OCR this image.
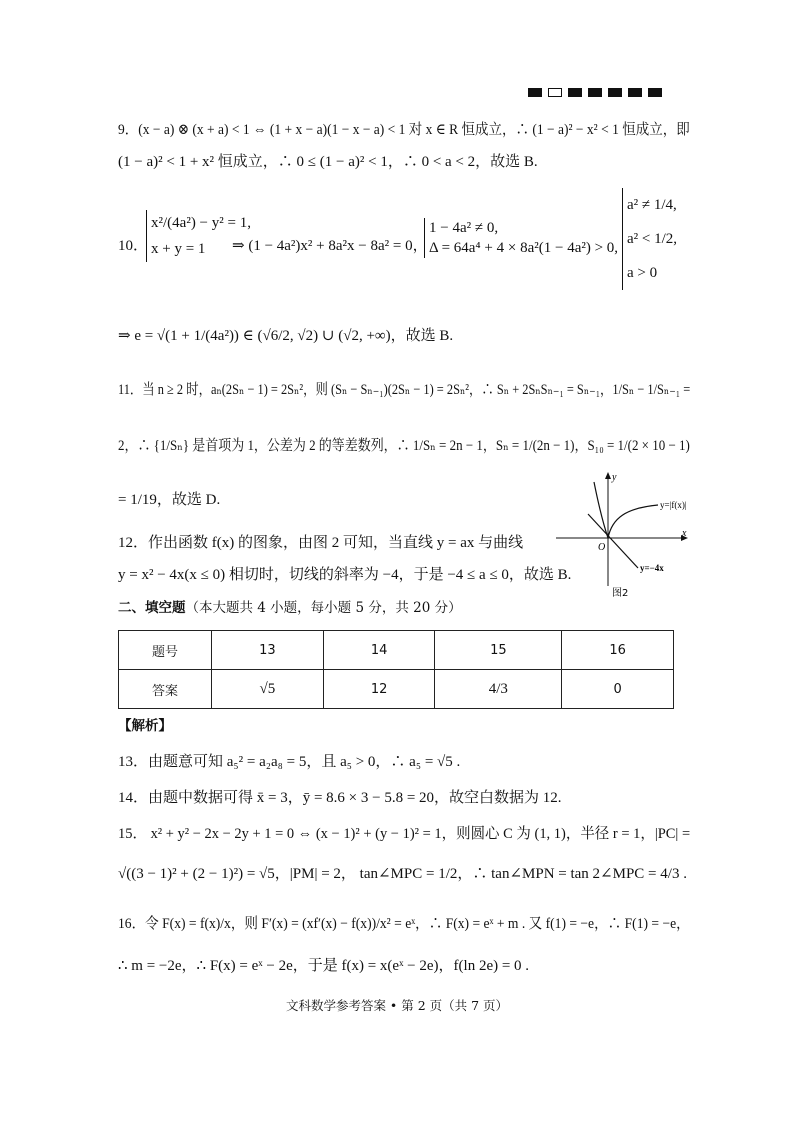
9．(x − a) ⊗ (x + a) < 1 ⇔ (1 + x − a)(1 − x − a) < 1 对 x ∈ R 恒成立，∴ (1 − a)² − x² < 1 恒成立，即
(1 − a)² < 1 + x² 恒成立，∴ 0 ≤ (1 − a)² < 1，∴ 0 < a < 2，故选 B.
10．
x²/(4a²) − y² = 1,
x + y = 1	⇒ (1 − 4a²)x² + 8a²x − 8a² = 0，
1 − 4a² ≠ 0,
Δ = 64a⁴ + 4 × 8a²(1 − 4a²) > 0,
a² ≠ 1/4,
a² < 1/2,
a > 0
⇒ e = √(1 + 1/(4a²)) ∈ (√6/2, √2) ∪ (√2, +∞)，故选 B.
11．当 n ≥ 2 时，aₙ(2Sₙ − 1) = 2Sₙ²，则 (Sₙ − Sₙ₋₁)(2Sₙ − 1) = 2Sₙ²，∴ Sₙ + 2SₙSₙ₋₁ = Sₙ₋₁，1/Sₙ − 1/Sₙ₋₁ =
2，∴ {1/Sₙ} 是首项为 1，公差为 2 的等差数列，∴ 1/Sₙ = 2n − 1，Sₙ = 1/(2n − 1)，S₁₀ = 1/(2 × 10 − 1)
= 1/19，故选 D.
12．作出函数 f(x) 的图象，由图 2 可知，当直线 y = ax 与曲线
y = x² − 4x(x ≤ 0) 相切时，切线的斜率为 −4，于是 −4 ≤ a ≤ 0，故选 B.
y
x
O
y=|f(x)|
y=−4x
图2
二、填空题（本大题共 4 小题，每小题 5 分，共 20 分）
题号	13	14	15	16
答案	√5	12	4/3	0
【解析】
13．由题意可知 a₅² = a₂a₈ = 5，且 a₅ > 0，∴ a₅ = √5 .
14．由题中数据可得 x̄ = 3，ȳ = 8.6 × 3 − 5.8 = 20，故空白数据为 12.
15． x² + y² − 2x − 2y + 1 = 0 ⇔ (x − 1)² + (y − 1)² = 1，则圆心 C 为 (1, 1)，半径 r = 1，|PC| =
√((3 − 1)² + (2 − 1)²) = √5，|PM| = 2， tan∠MPC = 1/2，∴ tan∠MPN = tan 2∠MPC = 4/3 .
16．令 F(x) = f(x)/x，则 F′(x) = (xf′(x) − f(x))/x² = eˣ，∴ F(x) = eˣ + m . 又 f(1) = −e，∴ F(1) = −e，
∴ m = −2e，∴ F(x) = eˣ − 2e，于是 f(x) = x(eˣ − 2e)，f(ln 2e) = 0 .
文科数学参考答案 • 第 2 页（共 7 页）
